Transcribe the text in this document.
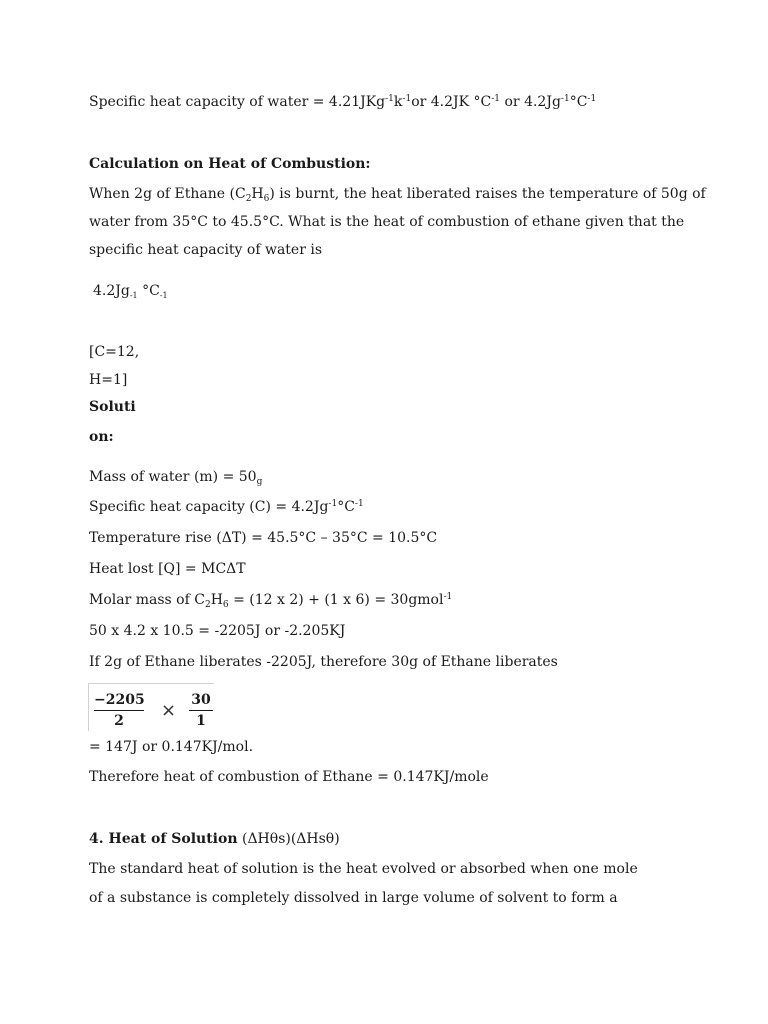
Specific heat capacity of water = $4.21JKg^{-1}k^{-1}or$ 4.2JK $^\circ C^{-1}$ or $4.2Jg^{-1}^\circ C^{-1}$
Calculation on Heat of Combustion:
When 2g of Ethane $(C_2H_6)$ is burnt, the heat liberated raises the temperature of 50g of
water from 35°C to 45.5°C. What is the heat of combustion of ethane given that the
specific heat capacity of water is
$4.2Jg_{-1}$ $^\circ C_{-1}$
[C=12,
H=1]
Soluti
on:
Mass of water $(m) = 50_g$
Specific heat capacity $(C) = 4.2Jg^{-1}^\circ C^{-1}$
Temperature rise (ΔT) = 45.5°C – 35°C = 10.5°C
Heat lost [Q] = MCΔT
Molar mass of $C_2H_6 = (12$ x 2) + (1 x 6) = 30gmol$^{-1}$
50 x 4.2 x 10.5 = -2205J or -2.205KJ
If 2g of Ethane liberates -2205J, therefore 30g of Ethane liberates
−2205
2	× 30
1
= 147J or 0.147KJ/mol.
Therefore heat of combustion of Ethane = 0.147KJ/mole
4. Heat of Solution (ΔHθs)(ΔHsθ)
The standard heat of solution is the heat evolved or absorbed when one mole
of a substance is completely dissolved in large volume of solvent to form a
